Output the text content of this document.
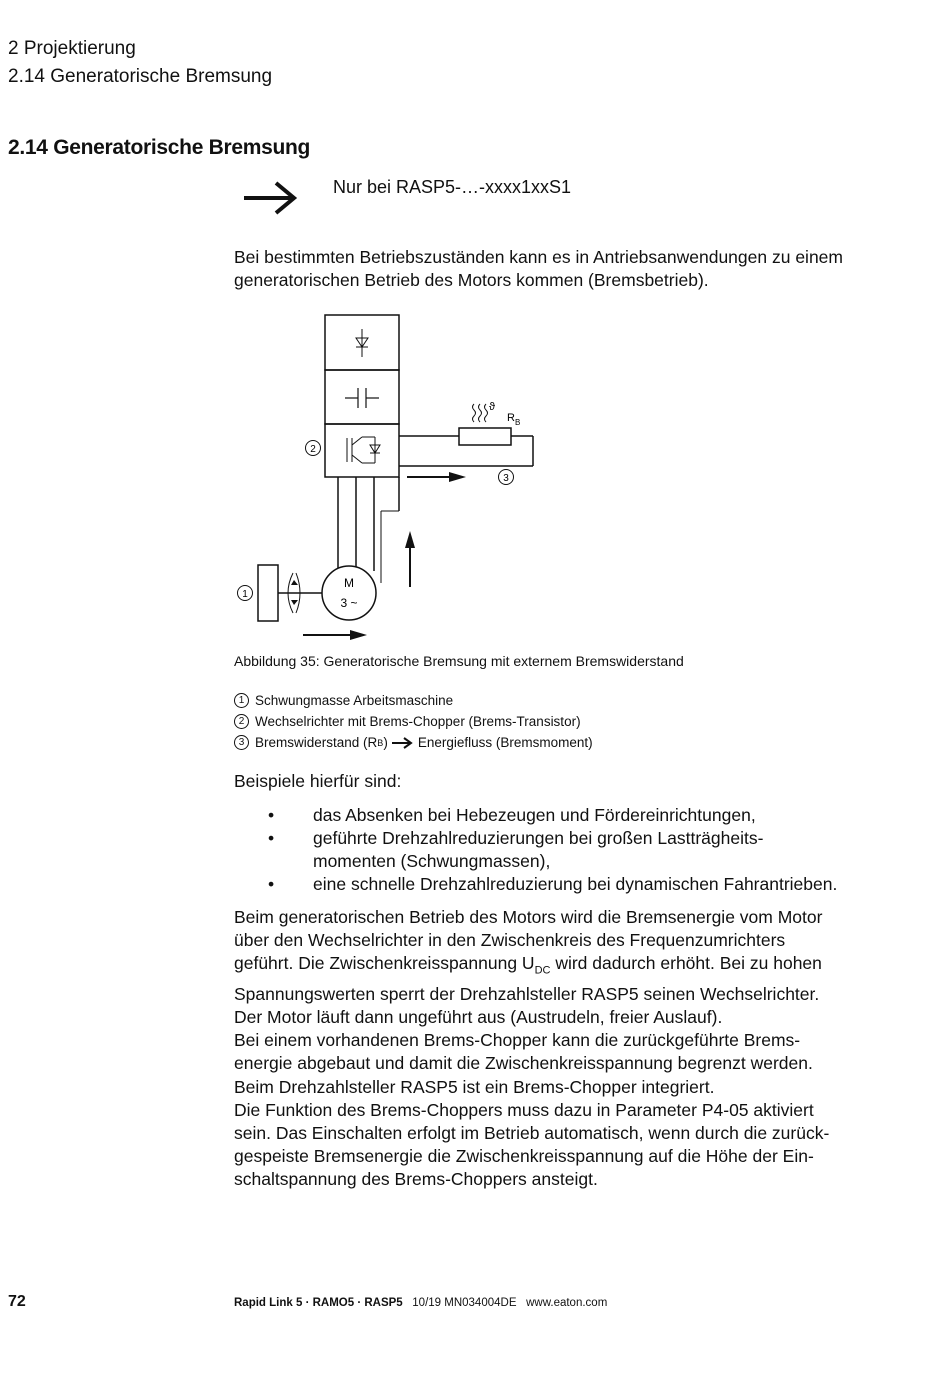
2 Projektierung
2.14 Generatorische Bremsung
2.14 Generatorische Bremsung
Nur bei RASP5-…-xxxx1xxS1
Bei bestimmten Betriebszuständen kann es in Antriebsanwendungen zu einem generatorischen Betrieb des Motors kommen (Bremsbetrieb).
2
ϑ
R B
3
M
3 ~
1
Abbildung 35: Generatorische Bremsung mit externem Bremswiderstand
1 Schwungmasse Arbeitsmaschine
2 Wechselrichter mit Brems-Chopper (Brems-Transistor)
3 Bremswiderstand (R B ) Energiefluss (Bremsmoment)
Beispiele hierfür sind:
• das Absenken bei Hebezeugen und Fördereinrichtungen,
• geführte Drehzahlreduzierungen bei großen Lastträgheits-
momenten (Schwungmassen),
• eine schnelle Drehzahlreduzierung bei dynamischen Fahrantrieben.

Beim generatorischen Betrieb des Motors wird die Bremsenergie vom Motor

über den Wechselrichter in den Zwischenkreis des Frequenzumrichters

geführt. Die Zwischenkreisspannung $U_{DC}$ wird dadurch erhöht. Bei zu hohen

Spannungswerten sperrt der Drehzahlsteller RASP5 seinen Wechselrichter.

Der Motor läuft dann ungeführt aus (Austrudeln, freier Auslauf).

Bei einem vorhandenen Brems-Chopper kann die zurückgeführte Brems-

energie abgebaut und damit die Zwischenkreisspannung begrenzt werden.

Beim Drehzahlsteller RASP5 ist ein Brems-Chopper integriert.

Die Funktion des Brems-Choppers muss dazu in Parameter P4-05 aktiviert

sein. Das Einschalten erfolgt im Betrieb automatisch, wenn durch die zurück-

gespeiste Bremsenergie die Zwischenkreisspannung auf die Höhe der Ein-

schaltspannung des Brems-Choppers ansteigt.

72	Rapid Link 5 · RAMO5 · RASP5 10/19 MN034004DE www.eaton.com
